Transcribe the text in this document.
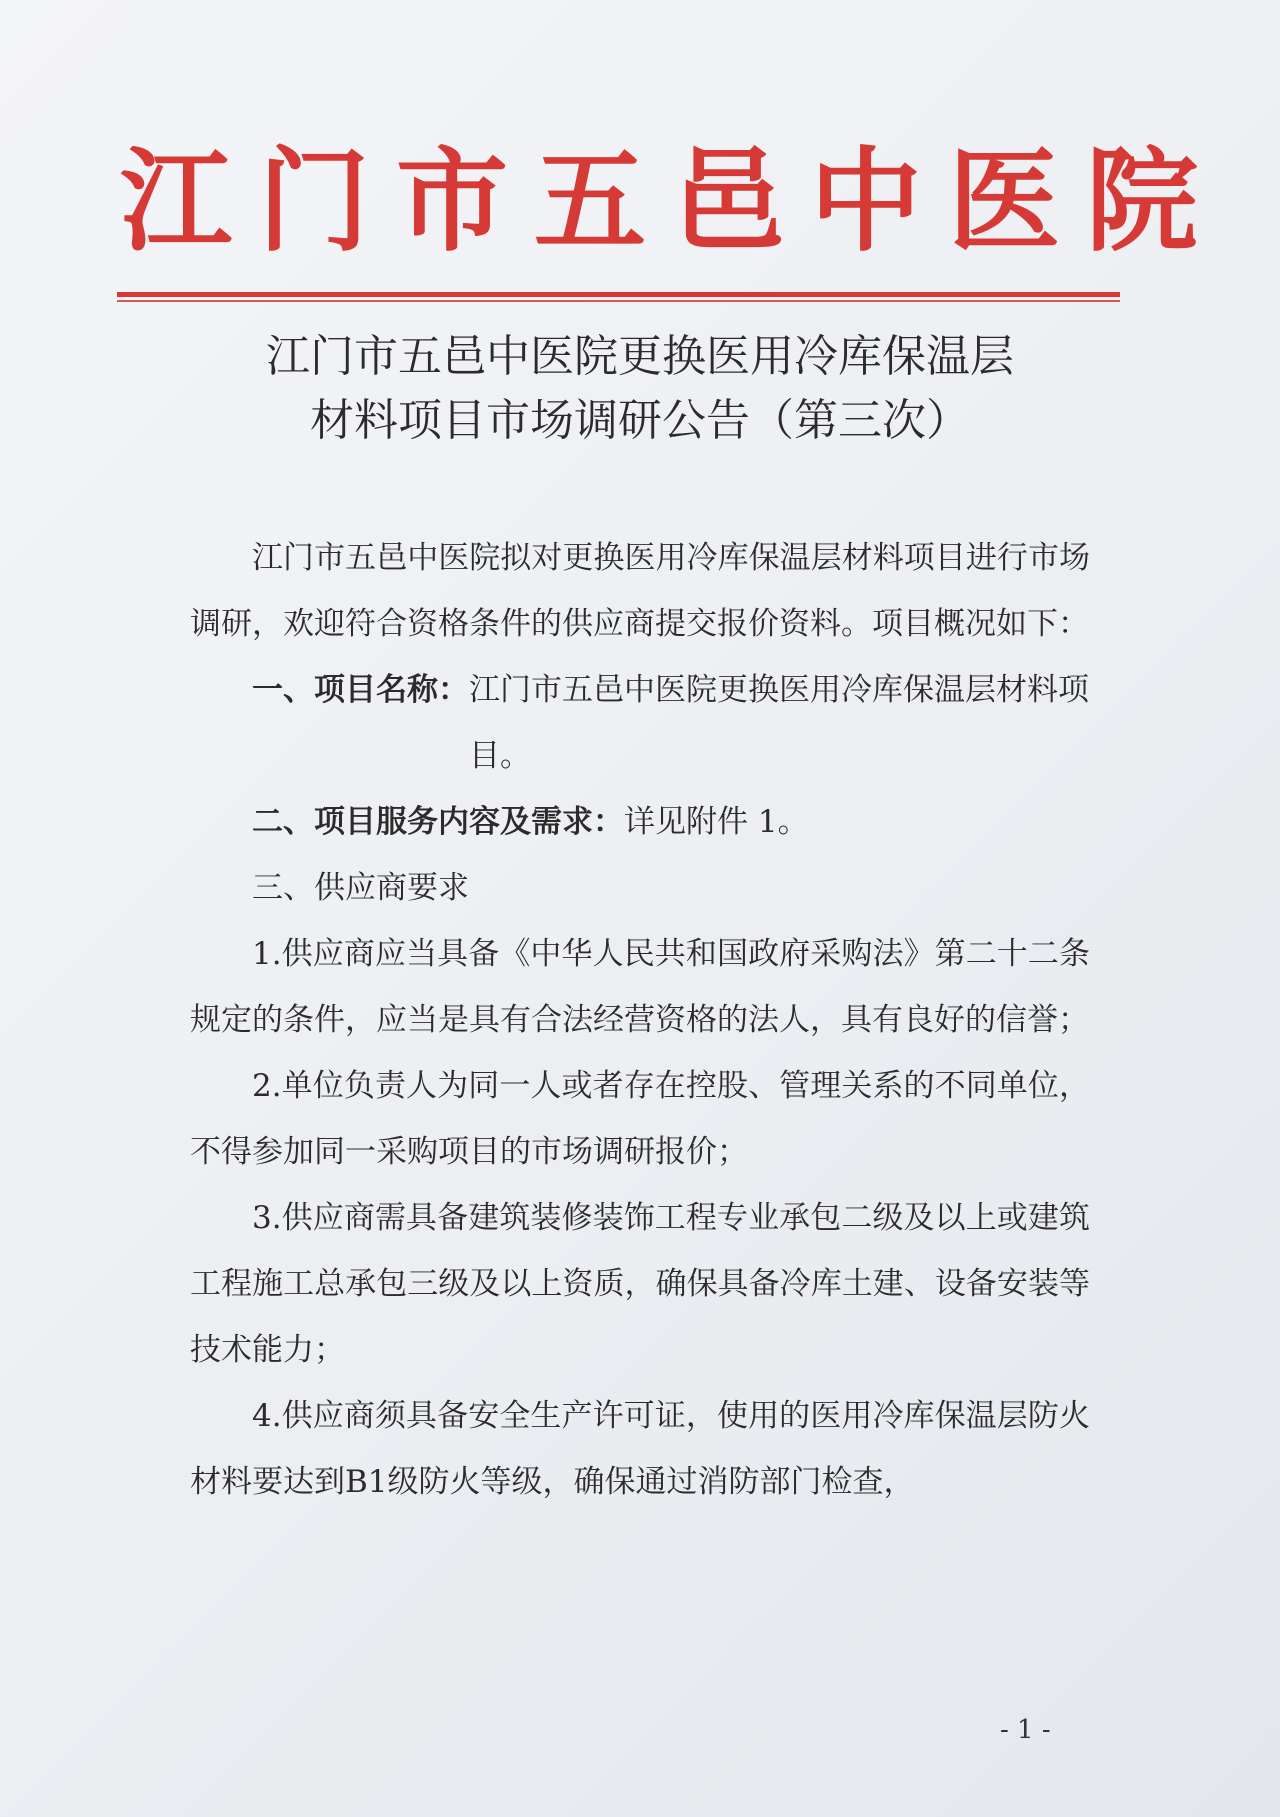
江门市五邑中医院
江门市五邑中医院更换医用冷库保温层
材料项目市场调研公告（第三次）
江门市五邑中医院拟对更换医用冷库保温层材料项目进行市场调研，欢迎符合资格条件的供应商提交报价资料。项目概况如下：
一、项目名称： 江门市五邑中医院更换医用冷库保温层材料项目。
二、项目服务内容及需求：详见附件 1。
三、供应商要求
1.供应商应当具备《中华人民共和国政府采购法》第二十二条规定的条件，应当是具有合法经营资格的法人，具有良好的信誉；
2.单位负责人为同一人或者存在控股、管理关系的不同单位，不得参加同一采购项目的市场调研报价；
3.供应商需具备建筑装修装饰工程专业承包二级及以上或建筑工程施工总承包三级及以上资质，确保具备冷库土建、设备安装等技术能力；
4.供应商须具备安全生产许可证，使用的医用冷库保温层防火材料要达到B1级防火等级，确保通过消防部门检查，
- 1 -
